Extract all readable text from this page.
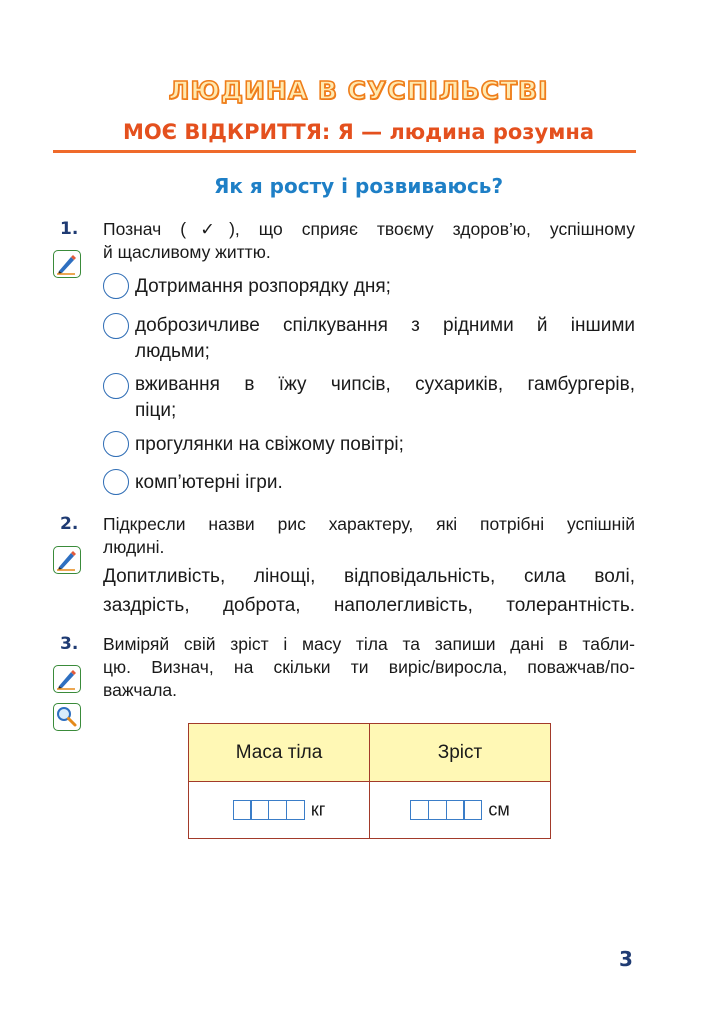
ЛЮДИНА В СУСПІЛЬСТВІ
МОЄ ВІДКРИТТЯ: Я — людина розумна
Як я росту і розвиваюсь?
1. Познач (✓), що сприяє твоєму здоров’ю, успішному
й щасливому життю.
Дотримання розпорядку дня;
доброзичливе спілкування з рідними й іншими
людьми;
вживання в їжу чипсів, сухариків, гамбургерів,
піци;
прогулянки на свіжому повітрі;
комп’ютерні ігри.
2. Підкресли назви рис характеру, які потрібні успішній
людині.
Допитливість, лінощі, відповідальність, сила волі,
заздрість, доброта, наполегливість, толерантність.
3. Виміряй свій зріст і масу тіла та запиши дані в табли-
цю. Визнач, на скільки ти виріс/виросла, поважчав/по-
важчала.
Маса тіла	Зріст

кг	см
3
